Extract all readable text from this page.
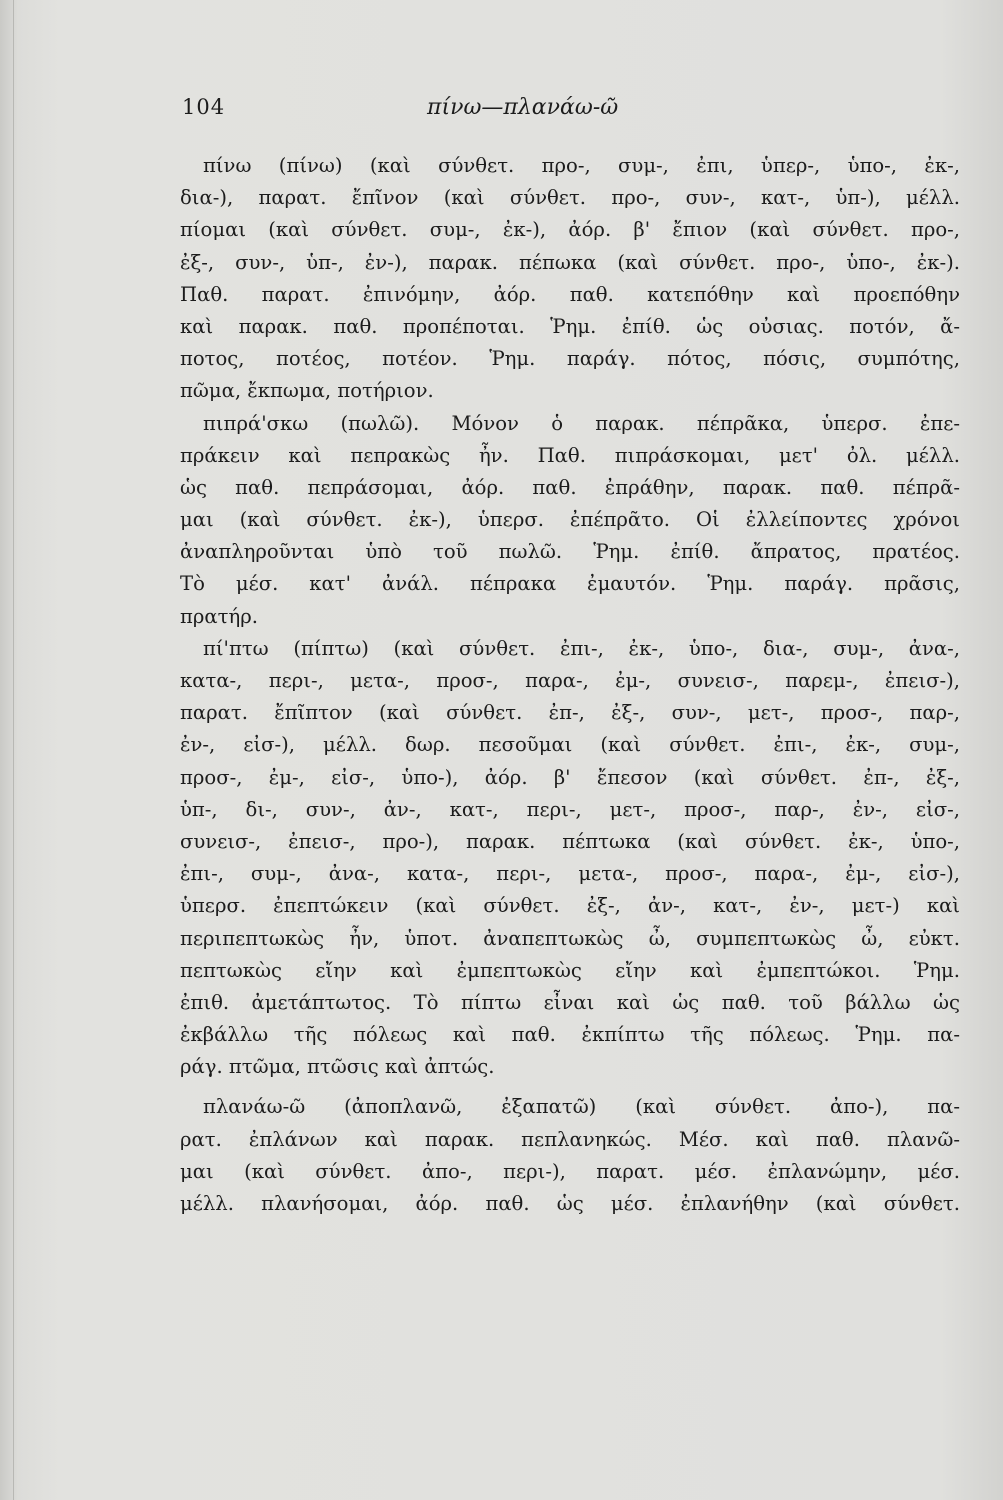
104	πίνω—πλανάω-ῶ
πίνω (πίνω) (καὶ σύνθετ. προ-, συμ-, ἐπι, ὑπερ-, ὑπο-, ἐκ-,
δια-), παρατ. ἔπῖνον (καὶ σύνθετ. προ-, συν-, κατ-, ὑπ-), μέλλ.
πίομαι (καὶ σύνθετ. συμ-, ἐκ-), ἀόρ. β' ἔπιον (καὶ σύνθετ. προ-,
ἐξ-, συν-, ὑπ-, ἐν-), παρακ. πέπωκα (καὶ σύνθετ. προ-, ὑπο-, ἐκ-).
Παθ. παρατ. ἐπινόμην, ἀόρ. παθ. κατεπόθην καὶ προεπόθην
καὶ παρακ. παθ. προπέποται. Ῥημ. ἐπίθ. ὡς οὐσιας. ποτόν, ἄ-
ποτος, ποτέος, ποτέον. Ῥημ. παράγ. πότος, πόσις, συμπότης,
πῶμα, ἔκπωμα, ποτήριον.
πιπρά'σκω (πωλῶ). Μόνον ὁ παρακ. πέπρᾶκα, ὑπερσ. ἐπε-
πράκειν καὶ πεπρακὼς ἦν. Παθ. πιπράσκομαι, μετ' ὀλ. μέλλ.
ὡς παθ. πεπράσομαι, ἀόρ. παθ. ἐπράθην, παρακ. παθ. πέπρᾶ-
μαι (καὶ σύνθετ. ἐκ-), ὑπερσ. ἐπέπρᾶτο. Οἱ ἐλλείποντες χρόνοι
ἀναπληροῦνται ὑπὸ τοῦ πωλῶ. Ῥημ. ἐπίθ. ἄπρατος, πρατέος.
Τὸ μέσ. κατ' ἀνάλ. πέπρακα ἐμαυτόν. Ῥημ. παράγ. πρᾶσις,
πρατήρ.
πί'πτω (πίπτω) (καὶ σύνθετ. ἐπι-, ἐκ-, ὑπο-, δια-, συμ-, ἀνα-,
κατα-, περι-, μετα-, προσ-, παρα-, ἐμ-, συνεισ-, παρεμ-, ἐπεισ-),
παρατ. ἔπῖπτον (καὶ σύνθετ. ἐπ-, ἐξ-, συν-, μετ-, προσ-, παρ-,
ἐν-, εἰσ-), μέλλ. δωρ. πεσοῦμαι (καὶ σύνθετ. ἐπι-, ἐκ-, συμ-,
προσ-, ἐμ-, εἰσ-, ὑπο-), ἀόρ. β' ἔπεσον (καὶ σύνθετ. ἐπ-, ἐξ-,
ὑπ-, δι-, συν-, ἀν-, κατ-, περι-, μετ-, προσ-, παρ-, ἐν-, εἰσ-,
συνεισ-, ἐπεισ-, προ-), παρακ. πέπτωκα (καὶ σύνθετ. ἐκ-, ὑπο-,
ἐπι-, συμ-, ἀνα-, κατα-, περι-, μετα-, προσ-, παρα-, ἐμ-, εἰσ-),
ὑπερσ. ἐπεπτώκειν (καὶ σύνθετ. ἐξ-, ἀν-, κατ-, ἐν-, μετ-) καὶ
περιπεπτωκὼς ἦν, ὑποτ. ἀναπεπτωκὼς ὦ, συμπεπτωκὼς ὦ, εὐκτ.
πεπτωκὼς εἴην καὶ ἐμπεπτωκὼς εἴην καὶ ἐμπεπτώκοι. Ῥημ.
ἐπιθ. ἀμετάπτωτος. Τὸ πίπτω εἶναι καὶ ὡς παθ. τοῦ βάλλω ὡς
ἐκβάλλω τῆς πόλεως καὶ παθ. ἐκπίπτω τῆς πόλεως. Ῥημ. πα-
ράγ. πτῶμα, πτῶσις καὶ ἀπτώς.
πλανάω-ῶ (ἀποπλανῶ, ἐξαπατῶ) (καὶ σύνθετ. ἀπο-), πα-
ρατ. ἐπλάνων καὶ παρακ. πεπλανηκώς. Μέσ. καὶ παθ. πλανῶ-
μαι (καὶ σύνθετ. ἀπο-, περι-), παρατ. μέσ. ἐπλανώμην, μέσ.
μέλλ. πλανήσομαι, ἀόρ. παθ. ὡς μέσ. ἐπλανήθην (καὶ σύνθετ.
